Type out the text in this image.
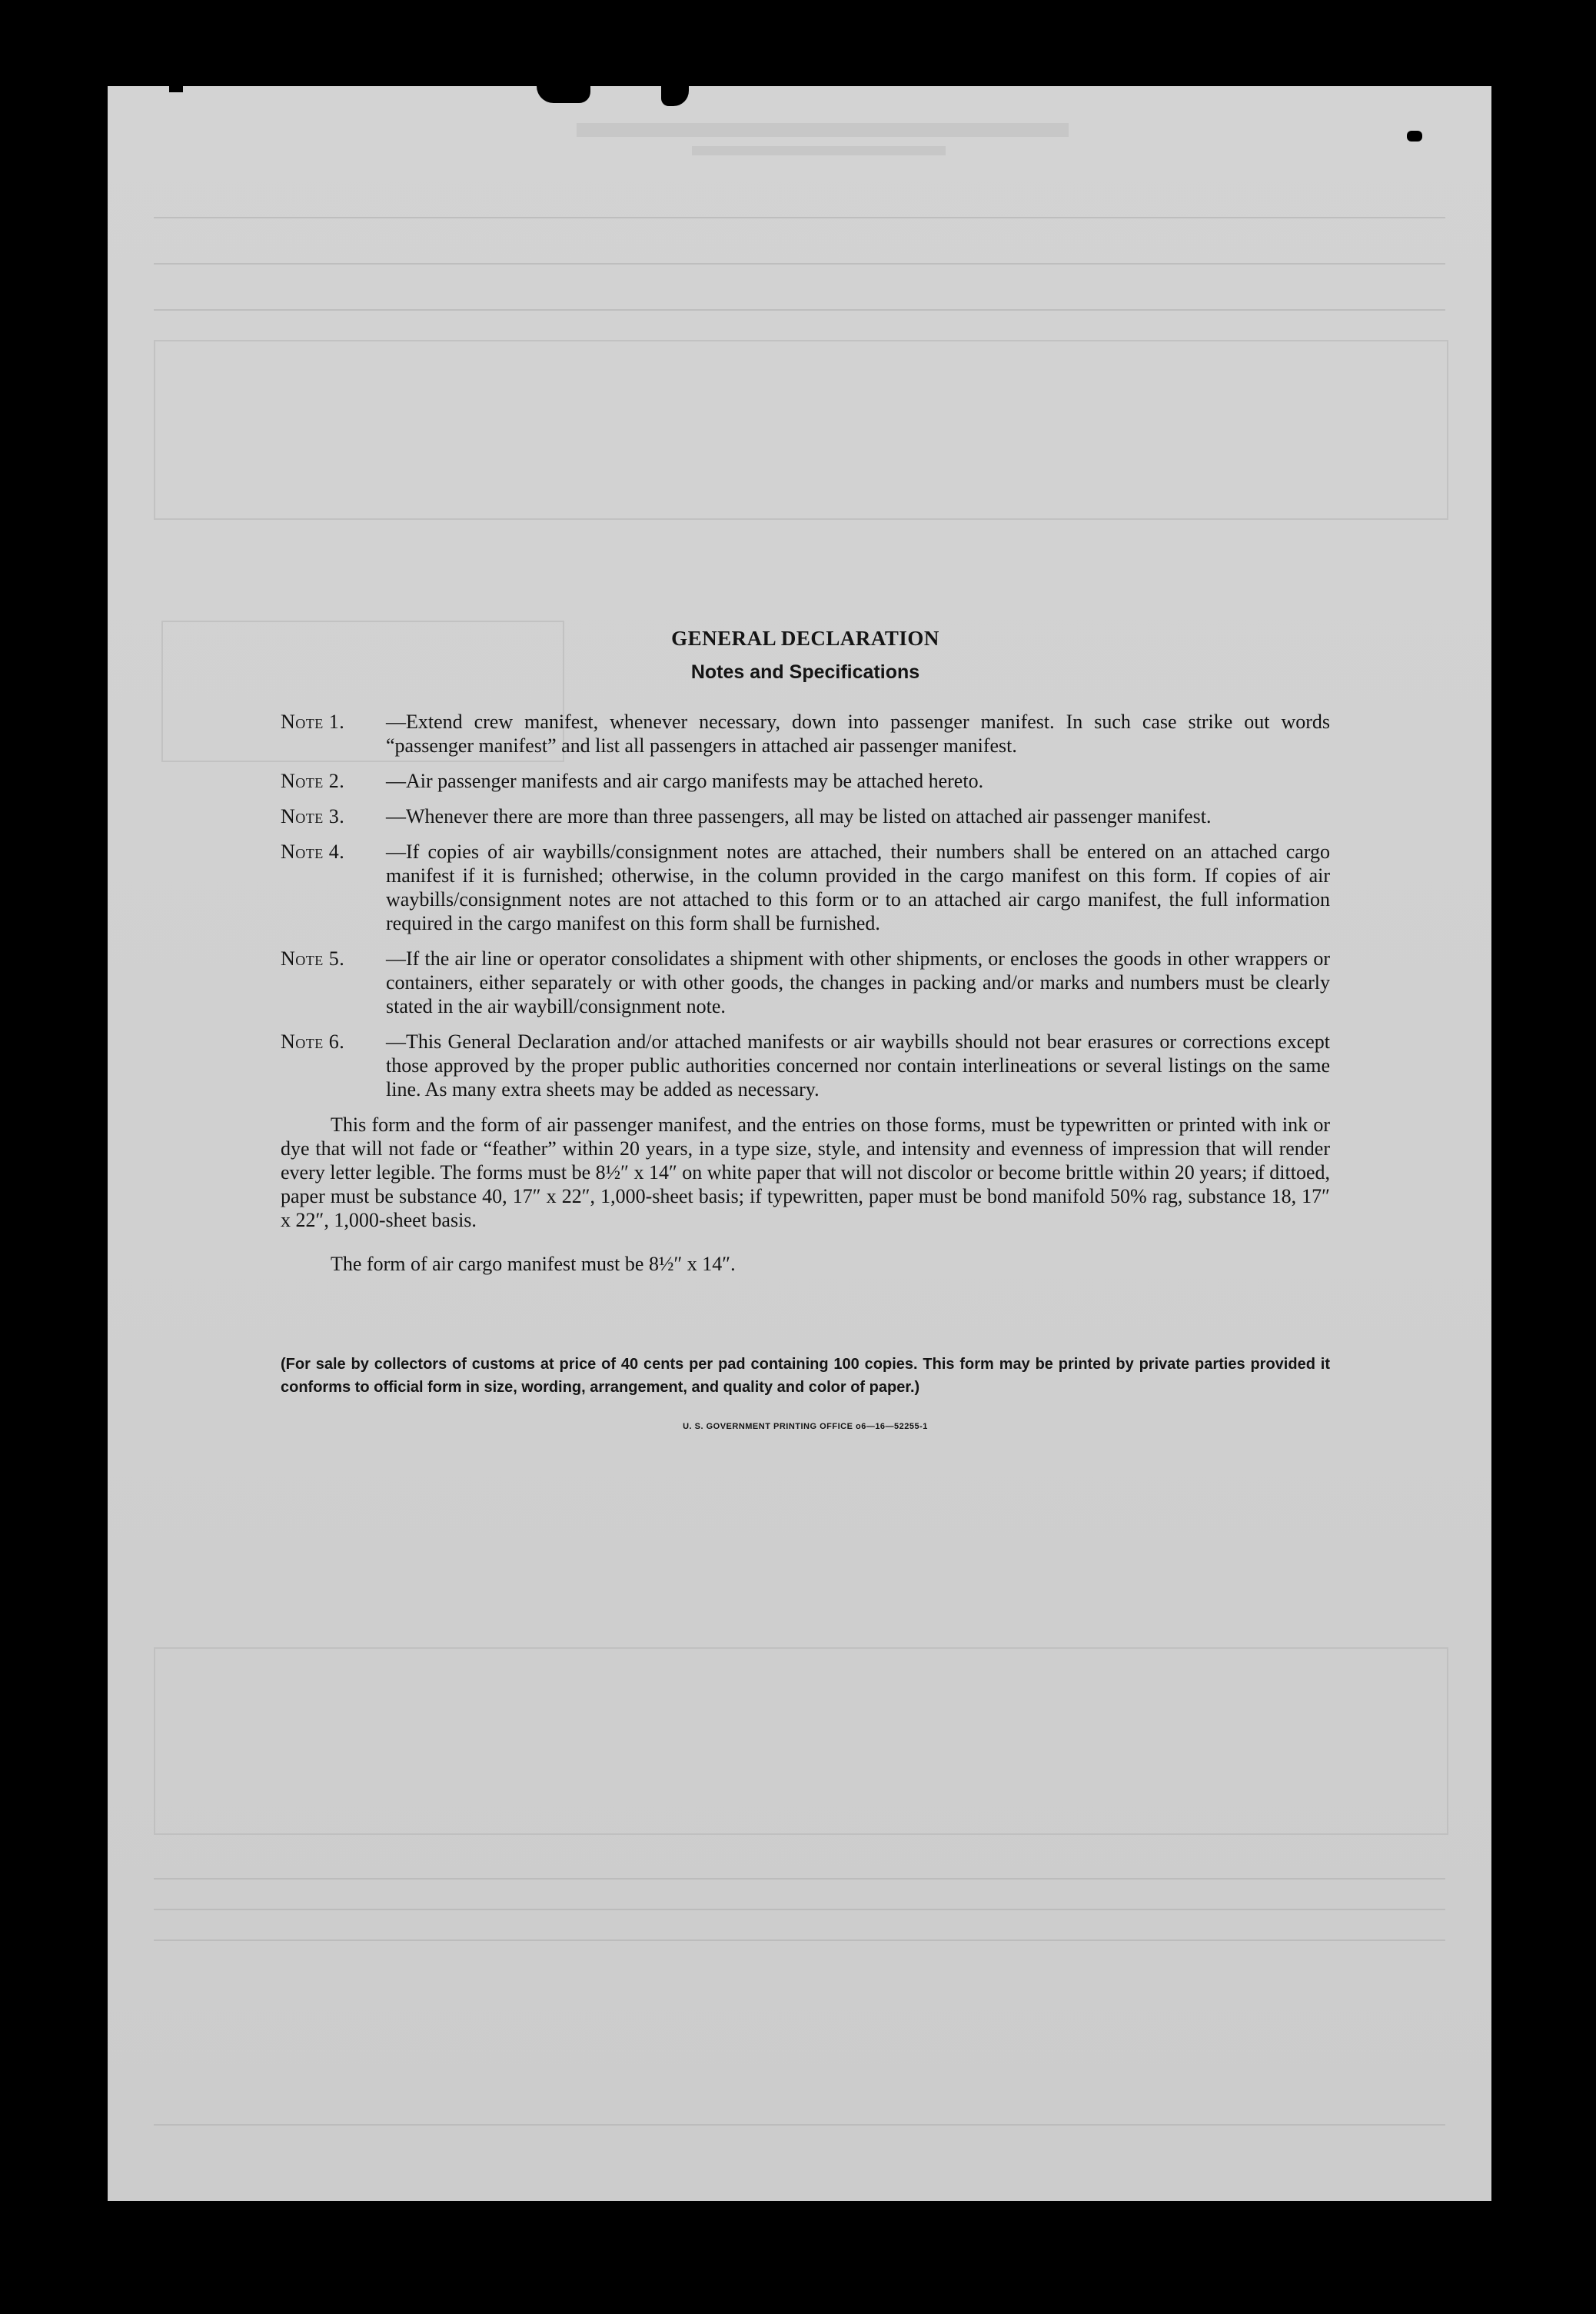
GENERAL DECLARATION

Notes and Specifications

Note 1. —Extend crew manifest, whenever necessary, down into passenger manifest. In such case strike out words “passenger manifest” and list all passengers in attached air passenger manifest.
Note 2. —Air passenger manifests and air cargo manifests may be attached hereto.
Note 3. —Whenever there are more than three passengers, all may be listed on attached air passenger manifest.
Note 4. —If copies of air waybills/consignment notes are attached, their numbers shall be entered on an attached cargo manifest if it is furnished; otherwise, in the column provided in the cargo manifest on this form. If copies of air waybills/consignment notes are not attached to this form or to an attached air cargo manifest, the full information required in the cargo manifest on this form shall be furnished.
Note 5. —If the air line or operator consolidates a shipment with other shipments, or encloses the goods in other wrappers or containers, either separately or with other goods, the changes in packing and/or marks and numbers must be clearly stated in the air waybill/consignment note.
Note 6. —This General Declaration and/or attached manifests or air waybills should not bear erasures or corrections except those approved by the proper public authorities concerned nor contain interlineations or several listings on the same line. As many extra sheets may be added as necessary.

This form and the form of air passenger manifest, and the entries on those forms, must be typewritten or printed with ink or dye that will not fade or “feather” within 20 years, in a type size, style, and intensity and evenness of impression that will render every letter legible. The forms must be 8½″ x 14″ on white paper that will not discolor or become brittle within 20 years; if dittoed, paper must be substance 40, 17″ x 22″, 1,000-sheet basis; if typewritten, paper must be bond manifold 50% rag, substance 18, 17″ x 22″, 1,000-sheet basis.

The form of air cargo manifest must be 8½″ x 14″.

(For sale by collectors of customs at price of 40 cents per pad containing 100 copies. This form may be printed by private parties provided it conforms to official form in size, wording, arrangement, and quality and color of paper.)

U. S. GOVERNMENT PRINTING OFFICE o6—16—52255-1
